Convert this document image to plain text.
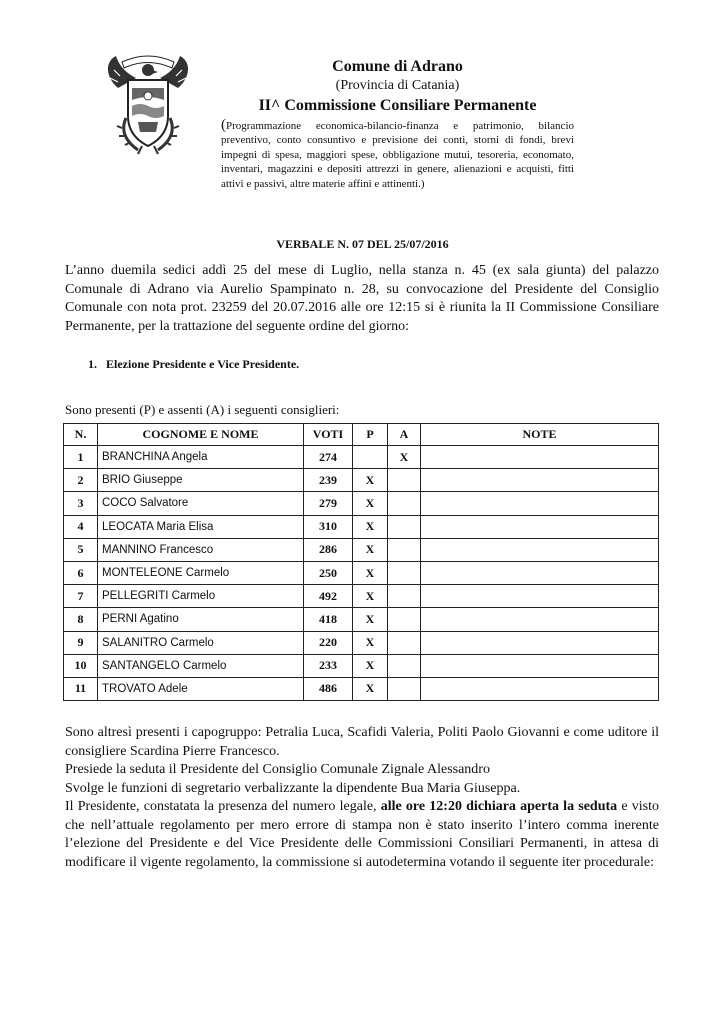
Comune di Adrano
(Provincia di Catania)
II^ Commissione Consiliare Permanente
(Programmazione economica-bilancio-finanza e patrimonio, bilancio preventivo, conto consuntivo e previsione dei conti, storni di fondi, brevi impegni di spesa, maggiori spese, obbligazione mutui, tesoreria, economato, inventari, magazzini e depositi attrezzi in genere, alienazioni e acquisti, fitti attivi e passivi, altre materie affini e attinenti.)
VERBALE N. 07 DEL 25/07/2016
L’anno duemila sedici addì 25 del mese di Luglio, nella stanza n. 45 (ex sala giunta) del palazzo Comunale di Adrano via Aurelio Spampinato n. 28, su convocazione del Presidente del Consiglio Comunale con nota prot. 23259 del 20.07.2016 alle ore 12:15 si è riunita la II Commissione Consiliare Permanente, per la trattazione del seguente ordine del giorno:
1. Elezione Presidente e Vice Presidente.
Sono presenti (P) e assenti (A) i seguenti consiglieri:
N.	COGNOME E NOME	VOTI	P	A	NOTE
1	BRANCHINA Angela	274		X	
2	BRIO Giuseppe	239	X		
3	COCO Salvatore	279	X		
4	LEOCATA Maria Elisa	310	X		
5	MANNINO Francesco	286	X		
6	MONTELEONE Carmelo	250	X		
7	PELLEGRITI Carmelo	492	X		
8	PERNI Agatino	418	X		
9	SALANITRO Carmelo	220	X		
10	SANTANGELO Carmelo	233	X		
11	TROVATO Adele	486	X		
Sono altresì presenti i capogruppo: Petralia Luca, Scafidi Valeria, Politi Paolo Giovanni e come uditore il consigliere Scardina Pierre Francesco.
Presiede la seduta il Presidente del Consiglio Comunale Zignale Alessandro
Svolge le funzioni di segretario verbalizzante la dipendente Bua Maria Giuseppa.
Il Presidente, constatata la presenza del numero legale, alle ore 12:20 dichiara aperta la seduta e visto che nell’attuale regolamento per mero errore di stampa non è stato inserito l’intero comma inerente l’elezione del Presidente e del Vice Presidente delle Commissioni Consiliari Permanenti, in attesa di modificare il vigente regolamento, la commissione si autodetermina votando il seguente iter procedurale:
